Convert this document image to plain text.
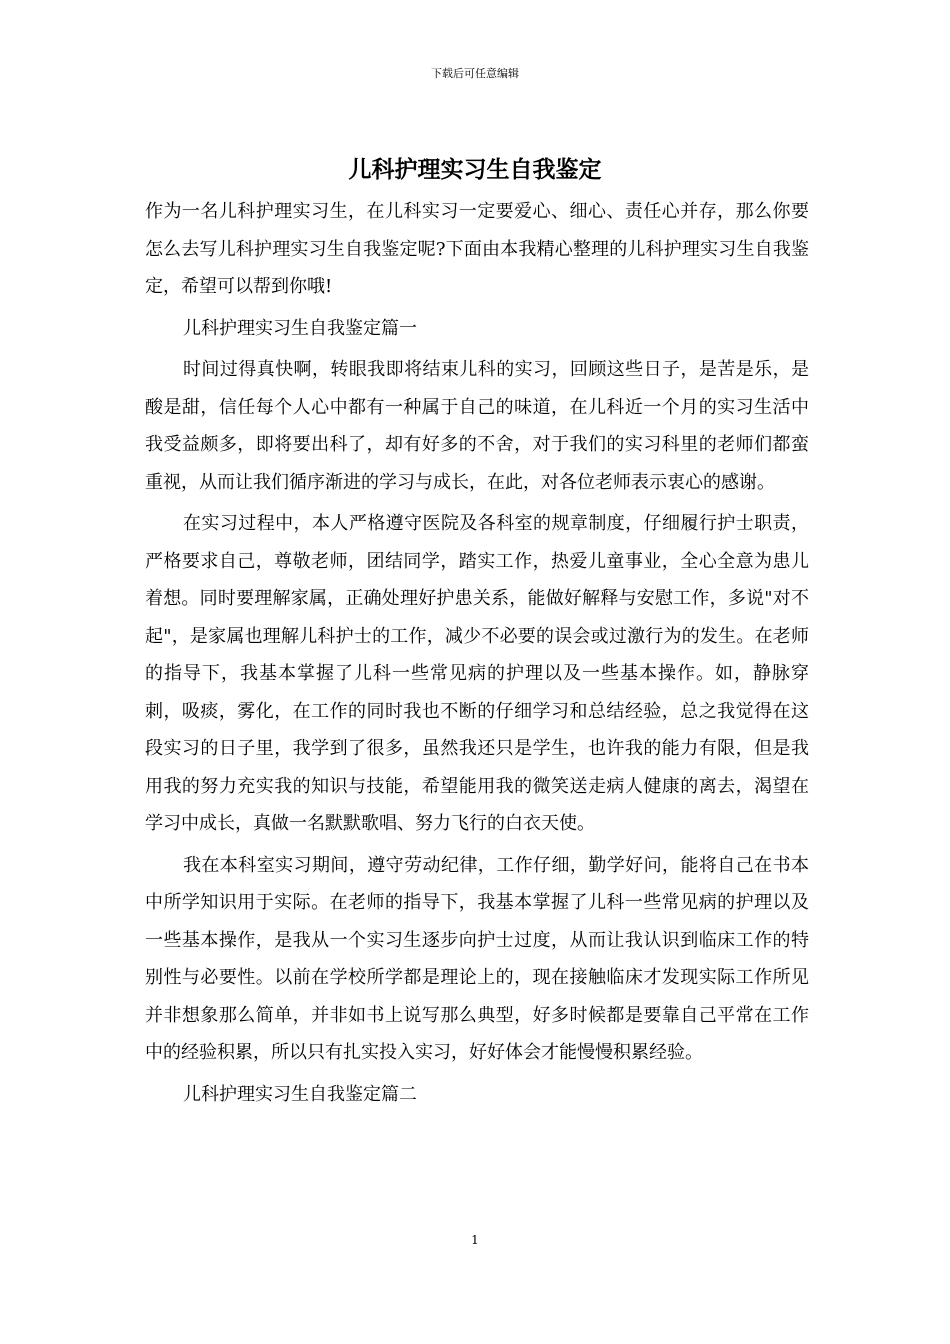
下载后可任意编辑
儿科护理实习生自我鉴定

作为一名儿科护理实习生，在儿科实习一定要爱心、细心、责任心并存，那么你要怎么去写儿科护理实习生自我鉴定呢?下面由本我精心整理的儿科护理实习生自我鉴定，希望可以帮到你哦!

儿科护理实习生自我鉴定篇一

时间过得真快啊，转眼我即将结束儿科的实习，回顾这些日子，是苦是乐，是酸是甜，信任每个人心中都有一种属于自己的味道，在儿科近一个月的实习生活中我受益颇多，即将要出科了，却有好多的不舍，对于我们的实习科里的老师们都蛮重视，从而让我们循序渐进的学习与成长，在此，对各位老师表示衷心的感谢。

在实习过程中，本人严格遵守医院及各科室的规章制度，仔细履行护士职责，严格要求自己，尊敬老师，团结同学，踏实工作，热爱儿童事业，全心全意为患儿着想。同时要理解家属，正确处理好护患关系，能做好解释与安慰工作，多说"对不起"，是家属也理解儿科护士的工作，减少不必要的误会或过激行为的发生。在老师的指导下，我基本掌握了儿科一些常见病的护理以及一些基本操作。如，静脉穿刺，吸痰，雾化，在工作的同时我也不断的仔细学习和总结经验，总之我觉得在这段实习的日子里，我学到了很多，虽然我还只是学生，也许我的能力有限，但是我用我的努力充实我的知识与技能，希望能用我的微笑送走病人健康的离去，渴望在学习中成长，真做一名默默歌唱、努力飞行的白衣天使。

我在本科室实习期间，遵守劳动纪律，工作仔细，勤学好问，能将自己在书本中所学知识用于实际。在老师的指导下，我基本掌握了儿科一些常见病的护理以及一些基本操作，是我从一个实习生逐步向护士过度，从而让我认识到临床工作的特别性与必要性。以前在学校所学都是理论上的，现在接触临床才发现实际工作所见并非想象那么简单，并非如书上说写那么典型，好多时候都是要靠自己平常在工作中的经验积累，所以只有扎实投入实习，好好体会才能慢慢积累经验。

儿科护理实习生自我鉴定篇二

1
